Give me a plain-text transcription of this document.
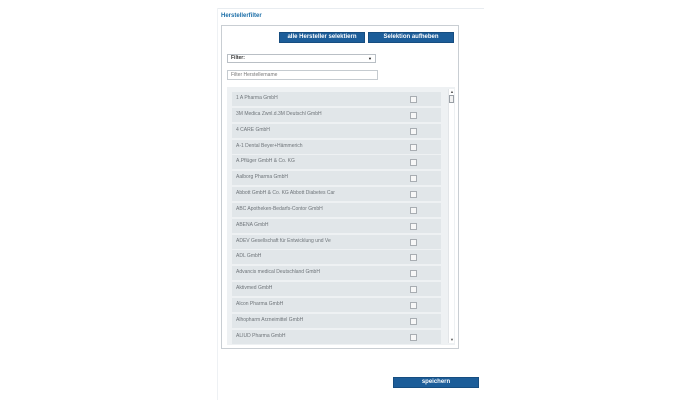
Herstellerfilter
alle Hersteller selektiern	Selektion aufheben
Filter:	▼
Filter Herstellername
1 A Pharma GmbH
3M Medica Zwnl.d.3M Deutschl GmbH
4 CARE GmbH
A-1 Dental Beyer+Hämmerich
A.Pflüger GmbH & Co. KG
Aalborg Pharma GmbH
Abbott GmbH & Co. KG Abbott Diabetes Car
ABC Apotheken-Bedarfs-Contor GmbH
ABENA GmbH
ADEV Gesellschaft für Entwicklung und Ve
ADL GmbH
Advancis medical Deutschland GmbH
Aktivmed GmbH
Alcon Pharma GmbH
Alhopharm Arzneimittel GmbH
ALIUD Pharma GmbH
▲
▼
speichern
